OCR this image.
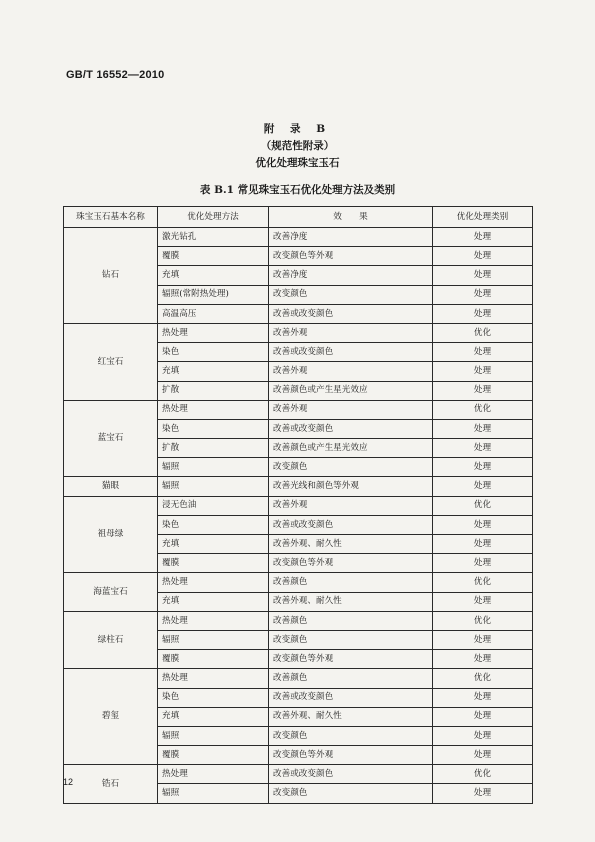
GB/T 16552—2010
附 录 B
（规范性附录）
优化处理珠宝玉石
表 B.1 常见珠宝玉石优化处理方法及类别
珠宝玉石基本名称	优化处理方法	效　　果	优化处理类别
钻石	激光钻孔	改善净度	处理
	覆膜	改变颜色等外观	处理
	充填	改善净度	处理
	辐照(常附热处理)	改变颜色	处理
	高温高压	改善或改变颜色	处理
红宝石	热处理	改善外观	优化
	染色	改善或改变颜色	处理
	充填	改善外观	处理
	扩散	改善颜色或产生星光效应	处理
蓝宝石	热处理	改善外观	优化
	染色	改善或改变颜色	处理
	扩散	改善颜色或产生星光效应	处理
	辐照	改变颜色	处理
猫眼	辐照	改善光线和颜色等外观	处理
祖母绿	浸无色油	改善外观	优化
	染色	改善或改变颜色	处理
	充填	改善外观、耐久性	处理
	覆膜	改变颜色等外观	处理
海蓝宝石	热处理	改善颜色	优化
	充填	改善外观、耐久性	处理
绿柱石	热处理	改善颜色	优化
	辐照	改变颜色	处理
	覆膜	改变颜色等外观	处理
碧玺	热处理	改善颜色	优化
	染色	改善或改变颜色	处理
	充填	改善外观、耐久性	处理
	辐照	改变颜色	处理
	覆膜	改变颜色等外观	处理
锆石	热处理	改善或改变颜色	优化
	辐照	改变颜色	处理
12
